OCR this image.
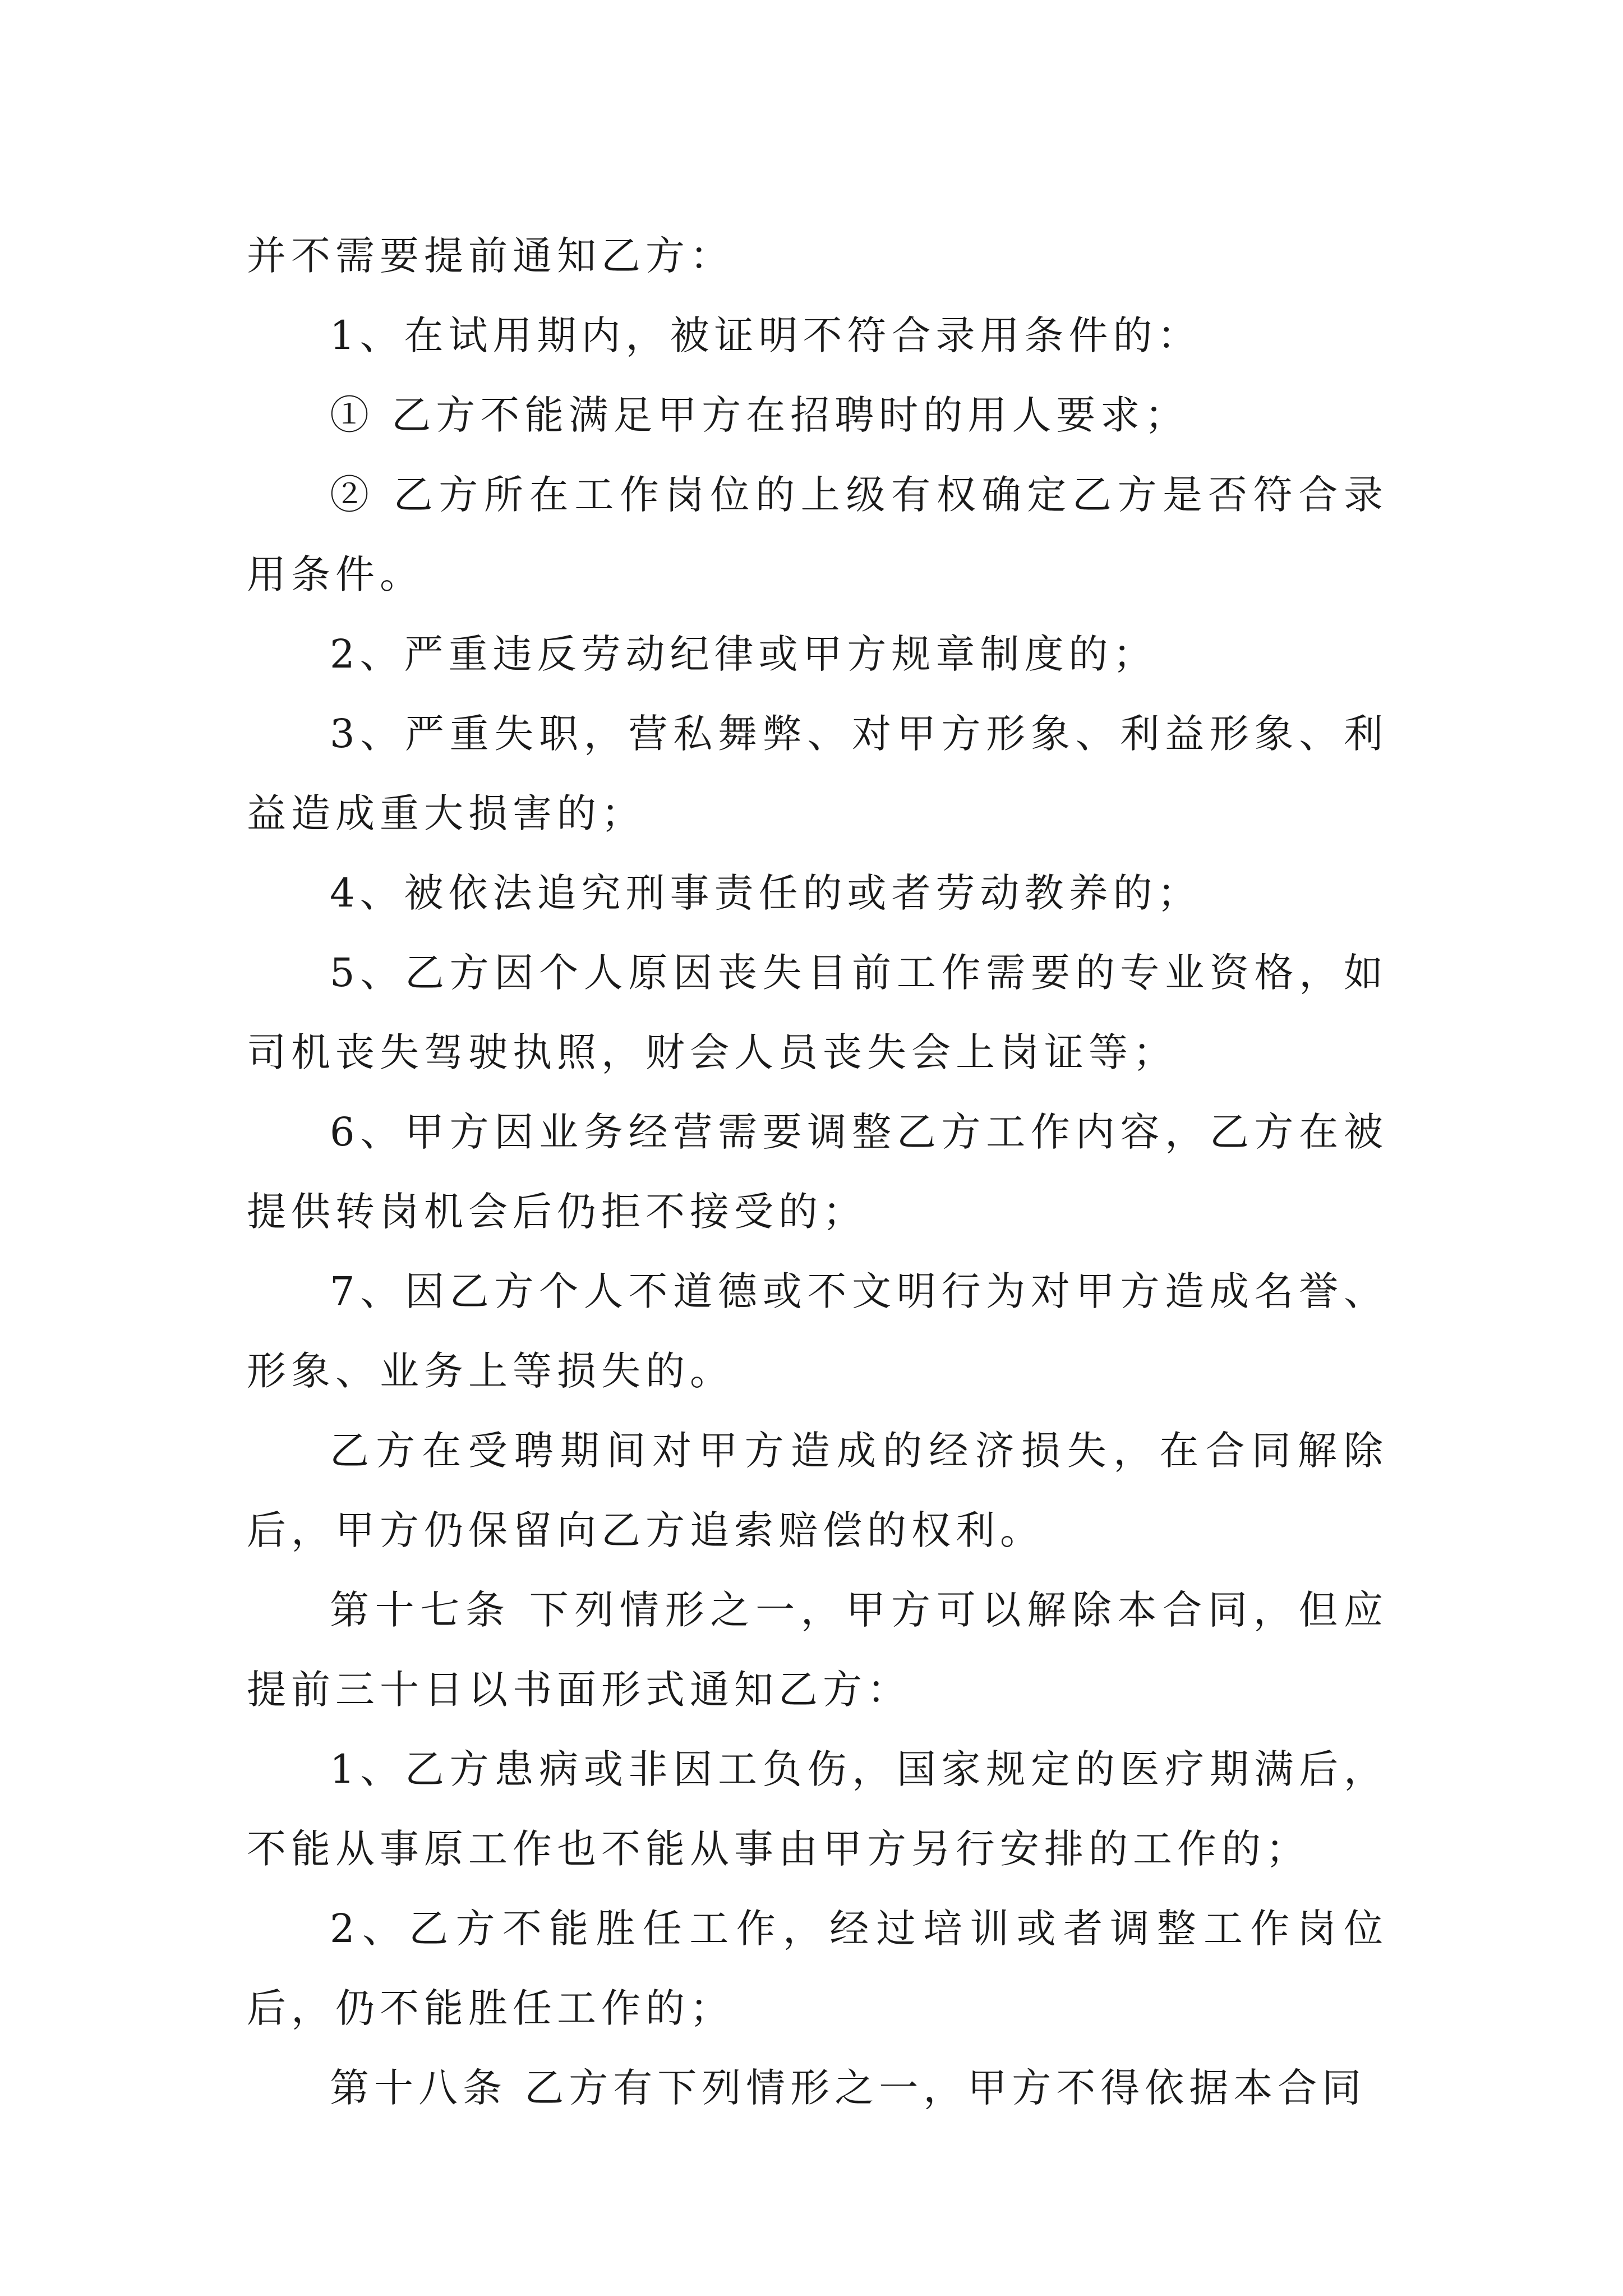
并不需要提前通知乙方：

1、在试用期内，被证明不符合录用条件的：

① 乙方不能满足甲方在招聘时的用人要求；

② 乙方所在工作岗位的上级有权确定乙方是否符合录用条件。

2、严重违反劳动纪律或甲方规章制度的；

3、严重失职，营私舞弊、对甲方形象、利益形象、利益造成重大损害的；

4、被依法追究刑事责任的或者劳动教养的；

5、乙方因个人原因丧失目前工作需要的专业资格，如司机丧失驾驶执照，财会人员丧失会上岗证等；

6、甲方因业务经营需要调整乙方工作内容，乙方在被提供转岗机会后仍拒不接受的；

7、因乙方个人不道德或不文明行为对甲方造成名誉、形象、业务上等损失的。

乙方在受聘期间对甲方造成的经济损失，在合同解除后，甲方仍保留向乙方追索赔偿的权利。

第十七条 下列情形之一，甲方可以解除本合同，但应提前三十日以书面形式通知乙方：

1、乙方患病或非因工负伤，国家规定的医疗期满后，不能从事原工作也不能从事由甲方另行安排的工作的；

2、乙方不能胜任工作，经过培训或者调整工作岗位后，仍不能胜任工作的；

第十八条 乙方有下列情形之一，甲方不得依据本合同
